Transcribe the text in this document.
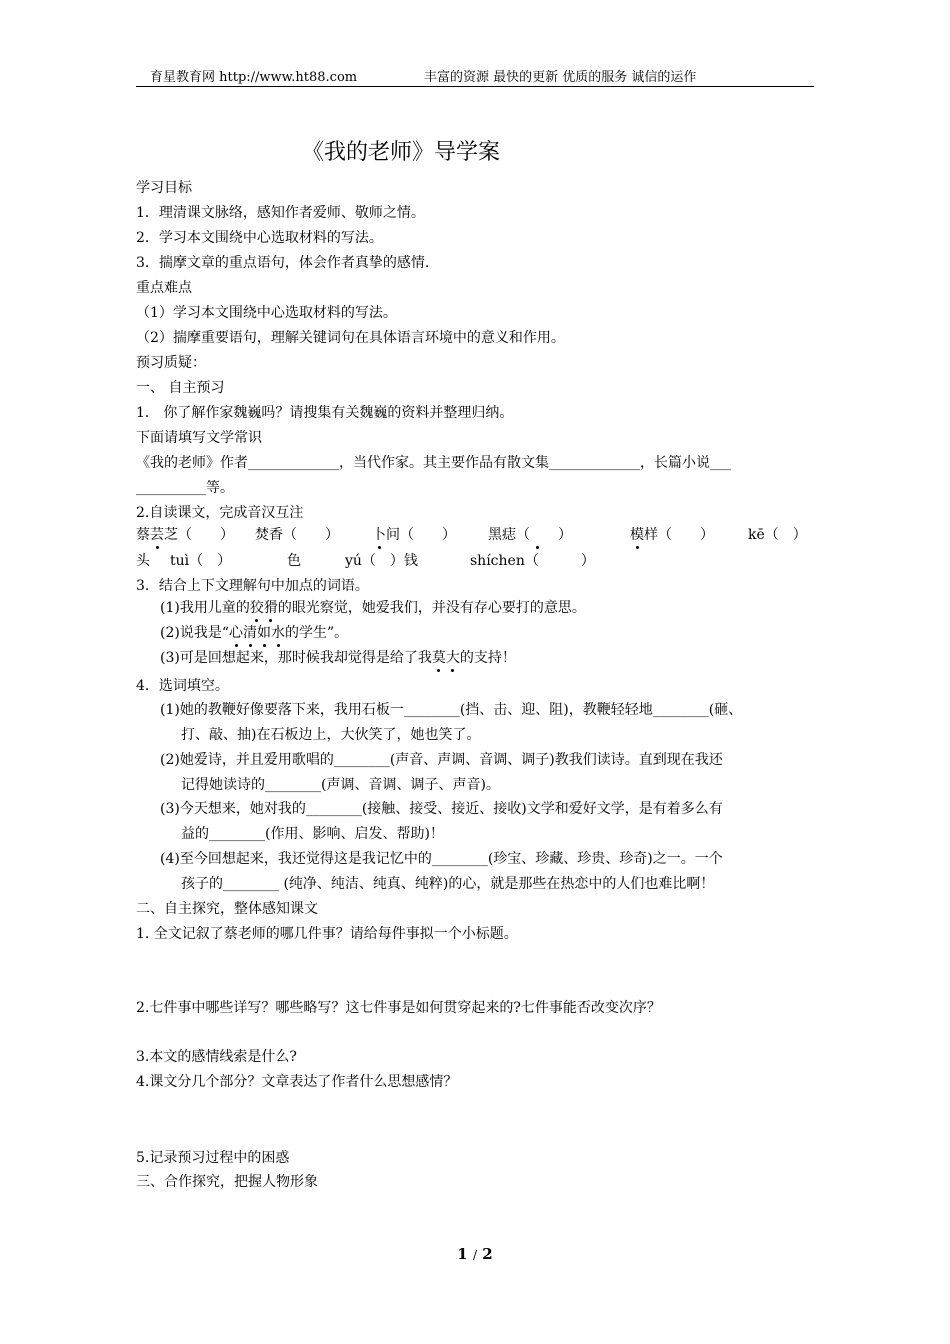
育星教育网 http://www.ht88.com	丰富的资源 最快的更新 优质的服务 诚信的运作
《我的老师》导学案
学习目标
1．理清课文脉络，感知作者爱师、敬师之情。
2．学习本文围绕中心选取材料的写法。
3．揣摩文章的重点语句，体会作者真挚的感情.
重点难点
（1）学习本文围绕中心选取材料的写法。
（2）揣摩重要语句，理解关键词句在具体语言环境中的意义和作用。
预习质疑：
一、 自主预习
1． 你了解作家魏巍吗？请搜集有关魏巍的资料并整理归纳。
下面请填写文学常识
《我的老师》作者_____________，当代作家。其主要作品有散文集_____________，长篇小说___
__________等。
2.自读课文，完成音汉互注
蔡芸芝（　　） 焚香（　　） 卜问（　　） 黑痣（　　）	模样（　　） kē（　）
头 tuì（　）	色	yú（　）钱	shíchen（　　　）
3．结合上下文理解句中加点的词语。
(1)我用儿童的狡猾的眼光察觉，她爱我们，并没有存心要打的意思。
(2)说我是“心清如水的学生”。
(3)可是回想起来，那时候我却觉得是给了我莫大的支持！
4．选词填空。
(1)她的教鞭好像要落下来，我用石板一________(挡、击、迎、阻)，教鞭轻轻地________(砸、
打、敲、抽)在石板边上，大伙笑了，她也笑了。
(2)她爱诗，并且爱用歌唱的________(声音、声调、音调、调子)教我们读诗。直到现在我还
记得她读诗的________(声调、音调、调子、声音)。
(3)今天想来，她对我的________(接触、接受、接近、接收)文学和爱好文学，是有着多么有
益的________(作用、影响、启发、帮助)！
(4)至今回想起来，我还觉得这是我记忆中的________(珍宝、珍藏、珍贵、珍奇)之一。一个
孩子的________ (纯净、纯洁、纯真、纯粹)的心，就是那些在热恋中的人们也难比啊！
二、自主探究，整体感知课文
1. 全文记叙了蔡老师的哪几件事？请给每件事拟一个小标题。
2.七件事中哪些详写？哪些略写？这七件事是如何贯穿起来的?七件事能否改变次序？
3.本文的感情线索是什么?
4.课文分几个部分？文章表达了作者什么思想感情？
5.记录预习过程中的困惑
三、合作探究，把握人物形象
1 / 2
